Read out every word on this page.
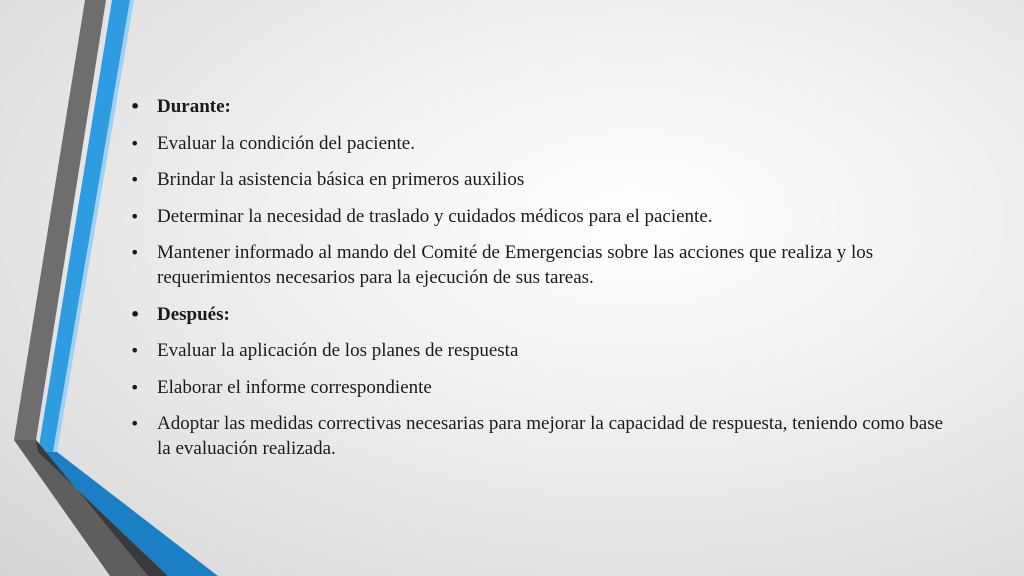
• Durante:
• Evaluar la condición del paciente.
• Brindar la asistencia básica en primeros auxilios
• Determinar la necesidad de traslado y cuidados médicos para el paciente.
• Mantener informado al mando del Comité de Emergencias sobre las acciones que realiza y los requerimientos necesarios para la ejecución de sus tareas.
• Después:
• Evaluar la aplicación de los planes de respuesta
• Elaborar el informe correspondiente
• Adoptar las medidas correctivas necesarias para mejorar la capacidad de respuesta, teniendo como base la evaluación realizada.
